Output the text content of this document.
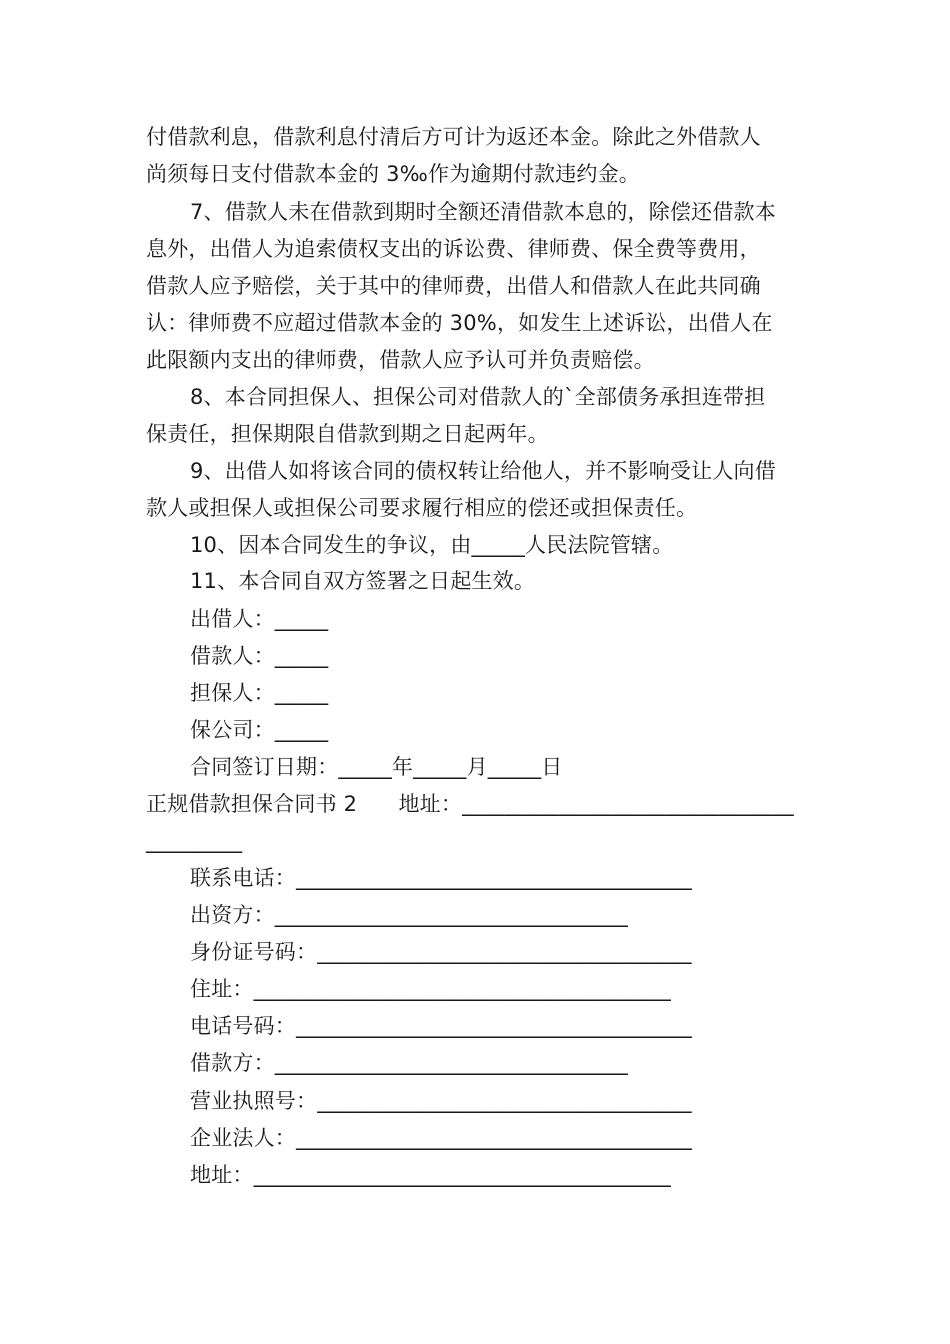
付借款利息，借款利息付清后方可计为返还本金。除此之外借款人
尚须每日支付借款本金的 3‰作为逾期付款违约金。
7、借款人未在借款到期时全额还清借款本息的，除偿还借款本
息外，出借人为追索债权支出的诉讼费、律师费、保全费等费用，
借款人应予赔偿，关于其中的律师费，出借人和借款人在此共同确
认：律师费不应超过借款本金的 30%，如发生上述诉讼，出借人在
此限额内支出的律师费，借款人应予认可并负责赔偿。
8、本合同担保人、担保公司对借款人的`全部债务承担连带担
保责任，担保期限自借款到期之日起两年。
9、出借人如将该合同的债权转让给他人，并不影响受让人向借
款人或担保人或担保公司要求履行相应的偿还或担保责任。
10、因本合同发生的争议，由_____人民法院管辖。
11、本合同自双方签署之日起生效。
出借人：_____
借款人：_____
担保人：_____
保公司：_____
合同签订日期：_____年_____月_____日
正规借款担保合同书 2      地址：_______________________________
_________
联系电话：_____________________________________
出资方：_________________________________
身份证号码：___________________________________
住址：_______________________________________
电话号码：_____________________________________
借款方：_________________________________
营业执照号：___________________________________
企业法人：_____________________________________
地址：_______________________________________
